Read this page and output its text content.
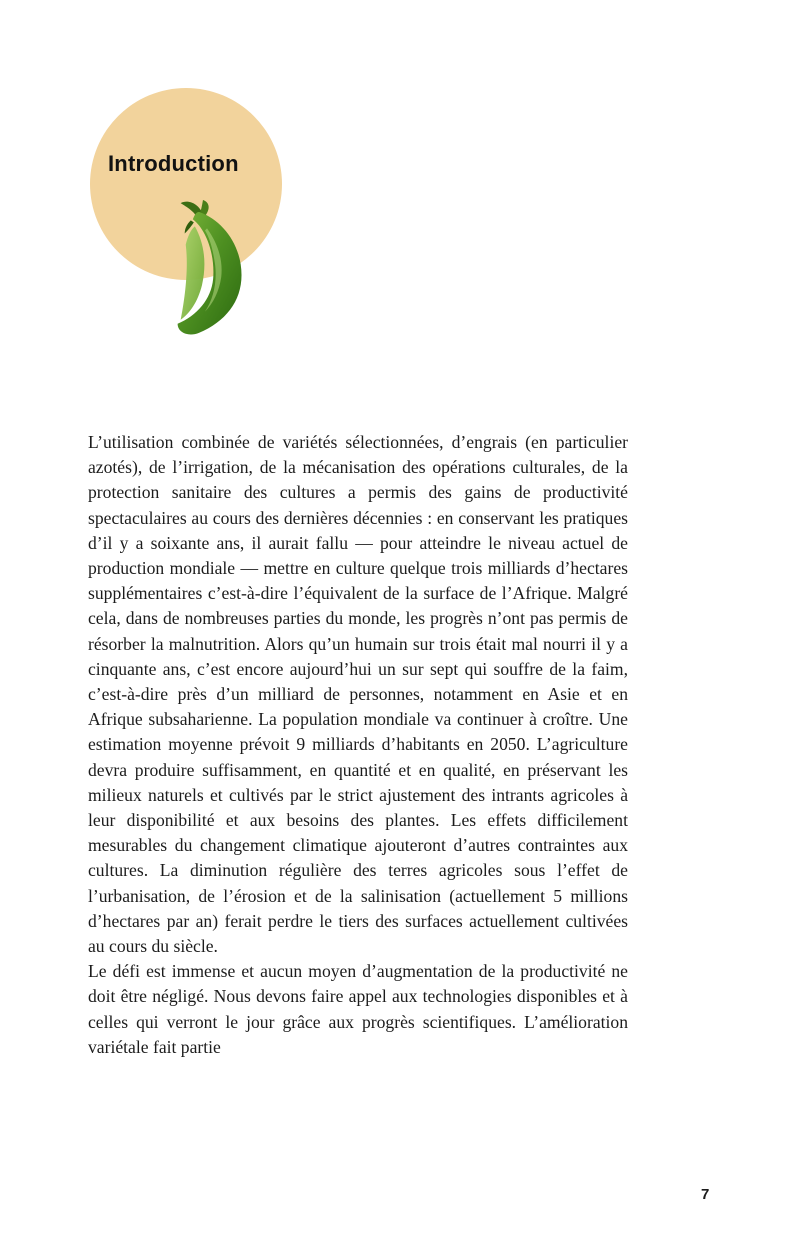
Introduction

L’utilisation combinée de variétés sélectionnées, d’engrais (en particulier azotés), de l’irrigation, de la mécanisation des opérations culturales, de la protection sanitaire des cultures a permis des gains de productivité spectaculaires au cours des dernières décennies : en conservant les pratiques d’il y a soixante ans, il aurait fallu — pour atteindre le niveau actuel de production mondiale — mettre en culture quelque trois milliards d’hectares supplémentaires c’est-à-dire l’équivalent de la surface de l’Afrique. Malgré cela, dans de nombreuses parties du monde, les progrès n’ont pas permis de résorber la malnutrition. Alors qu’un humain sur trois était mal nourri il y a cinquante ans, c’est encore aujourd’hui un sur sept qui souffre de la faim, c’est-à-dire près d’un milliard de personnes, notamment en Asie et en Afrique subsaharienne. La population mondiale va continuer à croître. Une estimation moyenne prévoit 9 milliards d’habitants en 2050. L’agriculture devra produire suffisamment, en quantité et en qualité, en préservant les milieux naturels et cultivés par le strict ajustement des intrants agricoles à leur disponibilité et aux besoins des plantes. Les effets difficilement mesurables du changement climatique ajouteront d’autres contraintes aux cultures. La diminution régulière des terres agricoles sous l’effet de l’urbanisation, de l’érosion et de la salinisation (actuellement 5 millions d’hectares par an) ferait perdre le tiers des surfaces actuellement cultivées au cours du siècle.

Le défi est immense et aucun moyen d’augmentation de la productivité ne doit être négligé. Nous devons faire appel aux technologies disponibles et à celles qui verront le jour grâce aux progrès scientifiques. L’amélioration variétale fait partie

7
